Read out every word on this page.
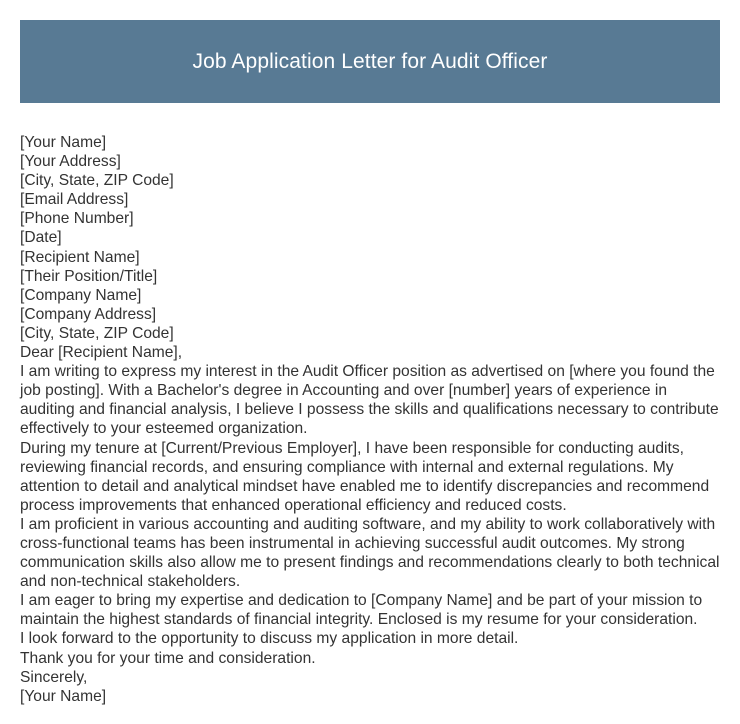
Job Application Letter for Audit Officer

[Your Name]

[Your Address]

[City, State, ZIP Code]

[Email Address]

[Phone Number]

[Date]

[Recipient Name]

[Their Position/Title]

[Company Name]

[Company Address]

[City, State, ZIP Code]

Dear [Recipient Name],

I am writing to express my interest in the Audit Officer position as advertised on [where you found the job posting]. With a Bachelor's degree in Accounting and over [number] years of experience in auditing and financial analysis, I believe I possess the skills and qualifications necessary to contribute effectively to your esteemed organization.

During my tenure at [Current/Previous Employer], I have been responsible for conducting audits, reviewing financial records, and ensuring compliance with internal and external regulations. My attention to detail and analytical mindset have enabled me to identify discrepancies and recommend process improvements that enhanced operational efficiency and reduced costs.

I am proficient in various accounting and auditing software, and my ability to work collaboratively with cross-functional teams has been instrumental in achieving successful audit outcomes. My strong communication skills also allow me to present findings and recommendations clearly to both technical and non-technical stakeholders.

I am eager to bring my expertise and dedication to [Company Name] and be part of your mission to maintain the highest standards of financial integrity. Enclosed is my resume for your consideration.

I look forward to the opportunity to discuss my application in more detail.

Thank you for your time and consideration.

Sincerely,

[Your Name]
